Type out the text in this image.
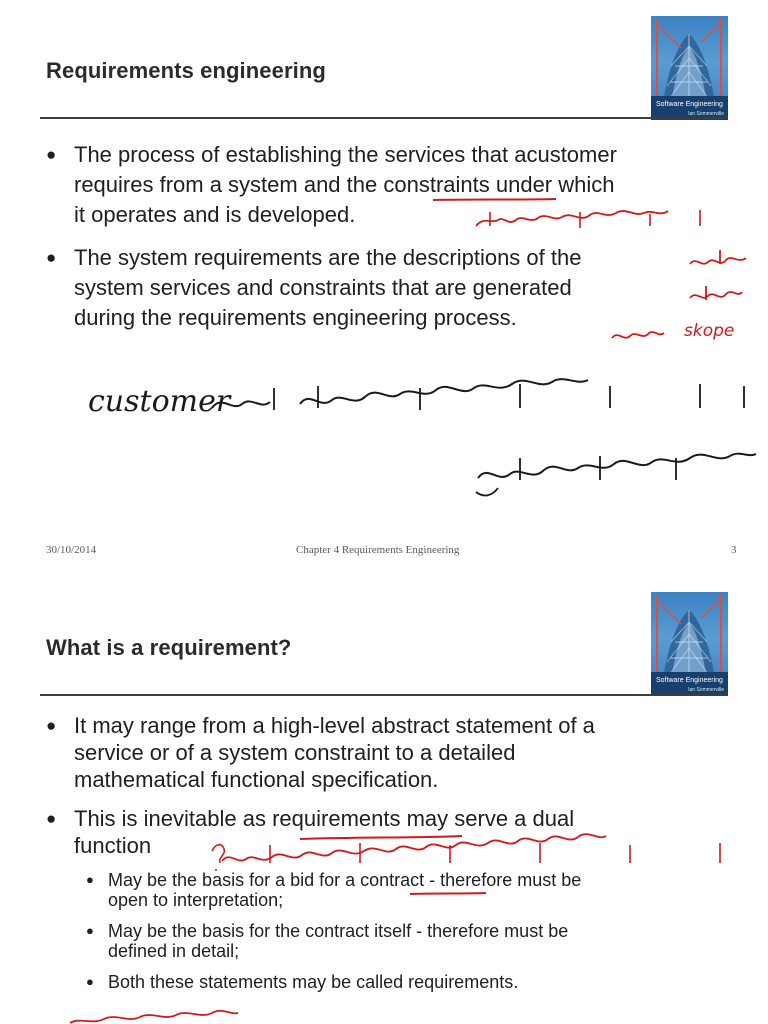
Requirements engineering
Software Engineering
Ian Sommerville
● The process of establishing the services that acustomer
requires from a system and the constraints under which
it operates and is developed.
● The system requirements are the descriptions of the
system services and constraints that are generated
during the requirements engineering process.
skope
customer
30/10/2014	Chapter 4 Requirements Engineering	3
What is a requirement?
Software Engineering
Ian Sommerville
● It may range from a high-level abstract statement of a
service or of a system constraint to a detailed
mathematical functional specification.
● This is inevitable as requirements may serve a dual
function
● May be the basis for a bid for a contract - therefore must be
open to interpretation;
● May be the basis for the contract itself - therefore must be
defined in detail;
● Both these statements may be called requirements.
